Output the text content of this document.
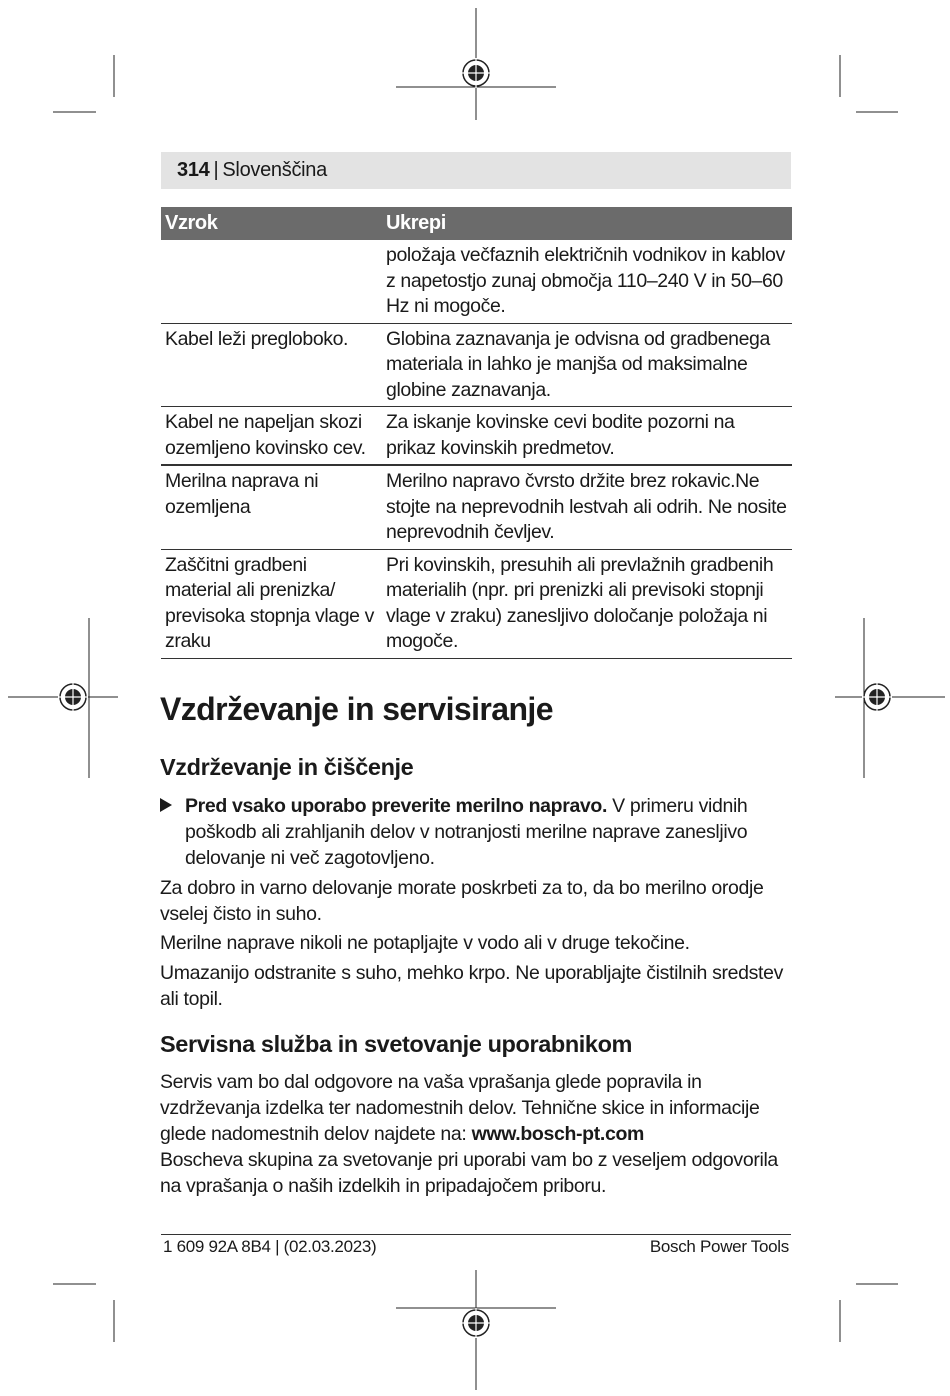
314 | Slovenščina
Vzrok	Ukrepi
	položaja večfaznih električnih vodnikov in kablov z napetostjo zunaj območja 110–240 V in 50–60 Hz ni mogoče.
Kabel leži pregloboko.	Globina zaznavanja je odvisna od gradbenega materiala in lahko je manjša od maksimalne globine zaznavanja.
Kabel ne napeljan skozi ozemljeno kovinsko cev.	Za iskanje kovinske cevi bodite pozorni na prikaz kovinskih predmetov.
Merilna naprava ni ozemljena	Merilno napravo čvrsto držite brez rokavic.Ne stojte na neprevodnih lestvah ali odrih. Ne nosite neprevodnih čevljev.
Zaščitni gradbeni material ali prenizka/ previsoka stopnja vlage v zraku	Pri kovinskih, presuhih ali prevlažnih gradbenih materialih (npr. pri prenizki ali previsoki stopnji vlage v zraku) zanesljivo določanje položaja ni mogoče.
Vzdrževanje in servisiranje
Vzdrževanje in čiščenje
Pred vsako uporabo preverite merilno napravo. V primeru vidnih poškodb ali zrahljanih delov v notranjosti merilne naprave zanesljivo delovanje ni več zagotovljeno.

Za dobro in varno delovanje morate poskrbeti za to, da bo merilno orodje vselej čisto in suho.

Merilne naprave nikoli ne potapljajte v vodo ali v druge tekočine.

Umazanijo odstranite s suho, mehko krpo. Ne uporabljajte čistilnih sredstev ali topil.

Servisna služba in svetovanje uporabnikom

Servis vam bo dal odgovore na vaša vprašanja glede popravila in vzdrževanja izdelka ter nadomestnih delov. Tehnične skice in informacije glede nadomestnih delov najdete na: www.bosch-pt.com

Boscheva skupina za svetovanje pri uporabi vam bo z veseljem odgovorila na vprašanja o naših izdelkih in pripadajočem priboru.

1 609 92A 8B4 | (02.03.2023)	Bosch Power Tools
